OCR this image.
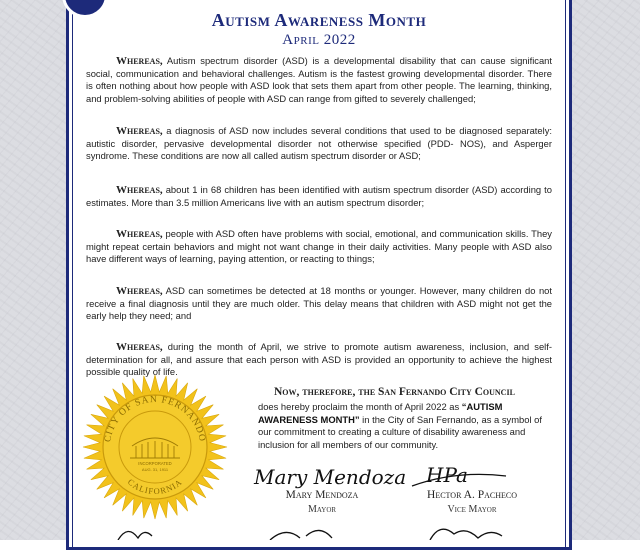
Autism Awareness Month
April 2022
Whereas, Autism spectrum disorder (ASD) is a developmental disability that can cause significant social, communication and behavioral challenges. Autism is the fastest growing developmental disorder. There is often nothing about how people with ASD look that sets them apart from other people. The learning, thinking, and problem-solving abilities of people with ASD can range from gifted to severely challenged;
Whereas, a diagnosis of ASD now includes several conditions that used to be diagnosed separately: autistic disorder, pervasive developmental disorder not otherwise specified (PDD- NOS), and Asperger syndrome. These conditions are now all called autism spectrum disorder or ASD;
Whereas, about 1 in 68 children has been identified with autism spectrum disorder (ASD) according to estimates. More than 3.5 million Americans live with an autism spectrum disorder;
Whereas, people with ASD often have problems with social, emotional, and communication skills. They might repeat certain behaviors and might not want change in their daily activities. Many people with ASD also have different ways of learning, paying attention, or reacting to things;
Whereas, ASD can sometimes be detected at 18 months or younger. However, many children do not receive a final diagnosis until they are much older. This delay means that children with ASD might not get the early help they need; and
Whereas, during the month of April, we strive to promote autism awareness, inclusion, and self- determination for all, and assure that each person with ASD is provided an opportunity to achieve the highest possible quality of life.
Now, therefore, the San Fernando City Council
does hereby proclaim the month of April 2022 as “AUTISM AWARENESS MONTH” in the City of San Fernando, as a symbol of our commitment to creating a culture of disability awareness and inclusion for all members of our community.
CITY OF SAN FERNANDO
CALIFORNIA
INCORPORATED
AUG. 31, 1911	Mary Mendoza HPa
Mary Mendoza
Mayor
Hector A. Pacheco
Vice Mayor
